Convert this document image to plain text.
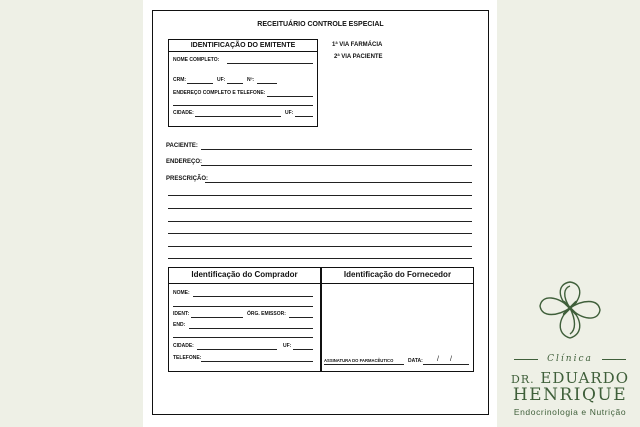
RECEITUÁRIO CONTROLE ESPECIAL
IDENTIFICAÇÃO DO EMITENTE
NOME COMPLETO:
CRM:	UF:	Nº:
ENDEREÇO COMPLETO E TELEFONE:
CIDADE:	UF:
1ª VIA FARMÁCIA
2ª VIA PACIENTE
PACIENTE:
ENDEREÇO:
PRESCRIÇÃO:
Identificação do Comprador
NOME:
IDENT:	ÓRG. EMISSOR:
END:
CIDADE:	UF:
TELEFONE:
Identificação do Fornecedor
ASSINATURA DO FARMACÊUTICO	DATA: / /	Clínica
DR. EDUARDO
HENRIQUE
Endocrinologia e Nutrição
